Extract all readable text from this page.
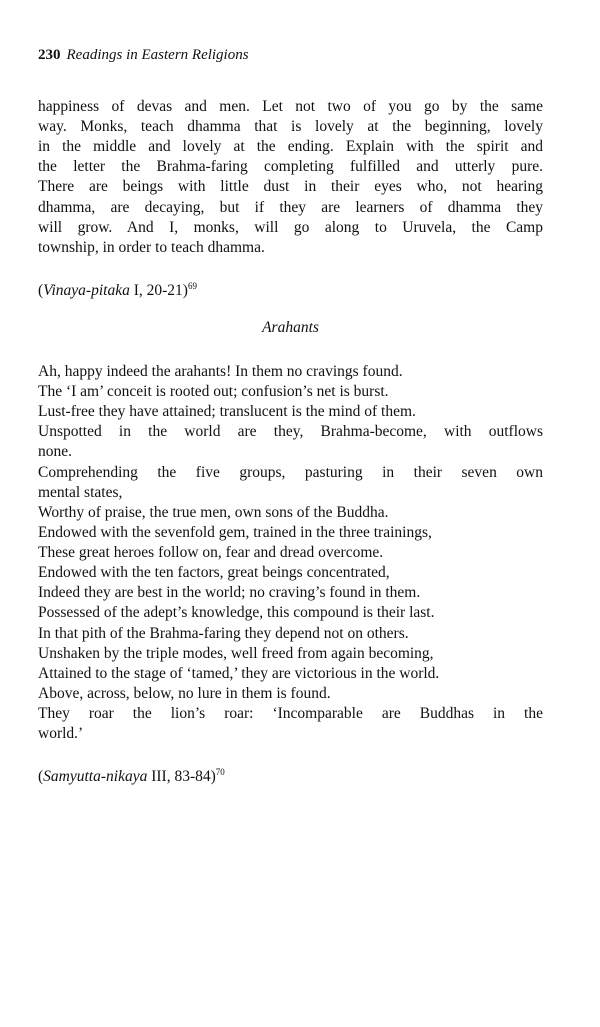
230 Readings in Eastern Religions
happiness of devas and men. Let not two of you go by the same
way. Monks, teach dhamma that is lovely at the beginning, lovely
in the middle and lovely at the ending. Explain with the spirit and
the letter the Brahma-faring completing fulfilled and utterly pure.
There are beings with little dust in their eyes who, not hearing
dhamma, are decaying, but if they are learners of dhamma they
will grow. And I, monks, will go along to Uruvela, the Camp
township, in order to teach dhamma.
(Vinaya-pitaka I, 20-21)$^{69}$
Arahants
Ah, happy indeed the arahants! In them no cravings found.
The ‘I am’ conceit is rooted out; confusion’s net is burst.
Lust-free they have attained; translucent is the mind of them.
Unspotted in the world are they, Brahma-become, with outflows
none.
Comprehending the five groups, pasturing in their seven own
mental states,
Worthy of praise, the true men, own sons of the Buddha.
Endowed with the sevenfold gem, trained in the three trainings,
These great heroes follow on, fear and dread overcome.
Endowed with the ten factors, great beings concentrated,
Indeed they are best in the world; no craving’s found in them.
Possessed of the adept’s knowledge, this compound is their last.
In that pith of the Brahma-faring they depend not on others.
Unshaken by the triple modes, well freed from again becoming,
Attained to the stage of ‘tamed,’ they are victorious in the world.
Above, across, below, no lure in them is found.
They roar the lion’s roar: ‘Incomparable are Buddhas in the
world.’
(Samyutta-nikaya III, 83-84)$^{70}$
